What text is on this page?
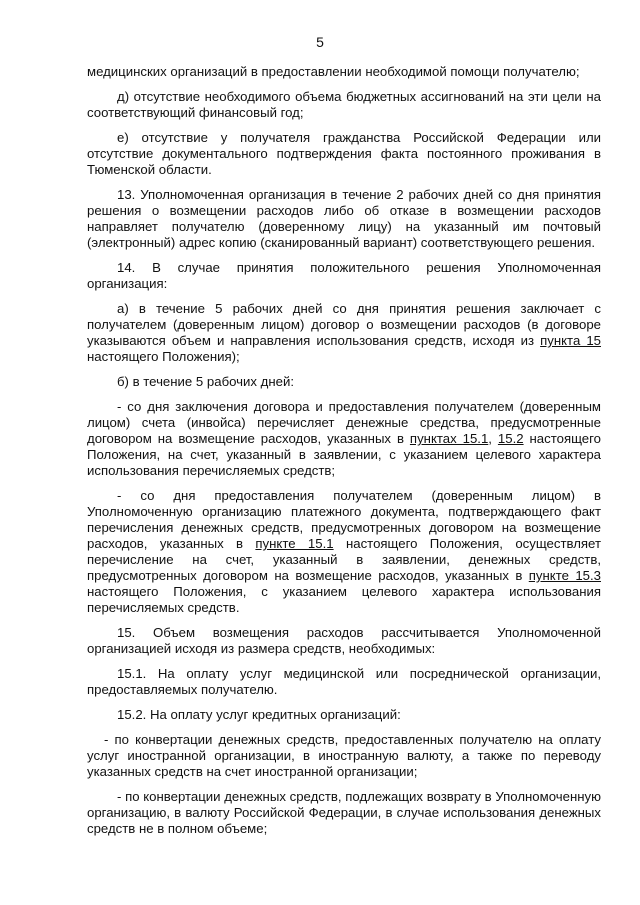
5

медицинских организаций в предоставлении необходимой помощи получателю;

д) отсутствие необходимого объема бюджетных ассигнований на эти цели на соответствующий финансовый год;

е) отсутствие у получателя гражданства Российской Федерации или отсутствие документального подтверждения факта постоянного проживания в Тюменской области.

13. Уполномоченная организация в течение 2 рабочих дней со дня принятия решения о возмещении расходов либо об отказе в возмещении расходов направляет получателю (доверенному лицу) на указанный им почтовый (электронный) адрес копию (сканированный вариант) соответствующего решения.

14. В случае принятия положительного решения Уполномоченная организация:

а) в течение 5 рабочих дней со дня принятия решения заключает с получателем (доверенным лицом) договор о возмещении расходов (в договоре указываются объем и направления использования средств, исходя из пункта 15 настоящего Положения);

б) в течение 5 рабочих дней:

- со дня заключения договора и предоставления получателем (доверенным лицом) счета (инвойса) перечисляет денежные средства, предусмотренные договором на возмещение расходов, указанных в пунктах 15.1, 15.2 настоящего Положения, на счет, указанный в заявлении, с указанием целевого характера использования перечисляемых средств;

- со дня предоставления получателем (доверенным лицом) в Уполномоченную организацию платежного документа, подтверждающего факт перечисления денежных средств, предусмотренных договором на возмещение расходов, указанных в пункте 15.1 настоящего Положения, осуществляет перечисление на счет, указанный в заявлении, денежных средств, предусмотренных договором на возмещение расходов, указанных в пункте 15.3 настоящего Положения, с указанием целевого характера использования перечисляемых средств.

15. Объем возмещения расходов рассчитывается Уполномоченной организацией исходя из размера средств, необходимых:

15.1. На оплату услуг медицинской или посреднической организации, предоставляемых получателю.

15.2. На оплату услуг кредитных организаций:

- по конвертации денежных средств, предоставленных получателю на оплату услуг иностранной организации, в иностранную валюту, а также по переводу указанных средств на счет иностранной организации;

- по конвертации денежных средств, подлежащих возврату в Уполномоченную организацию, в валюту Российской Федерации, в случае использования денежных средств не в полном объеме;
